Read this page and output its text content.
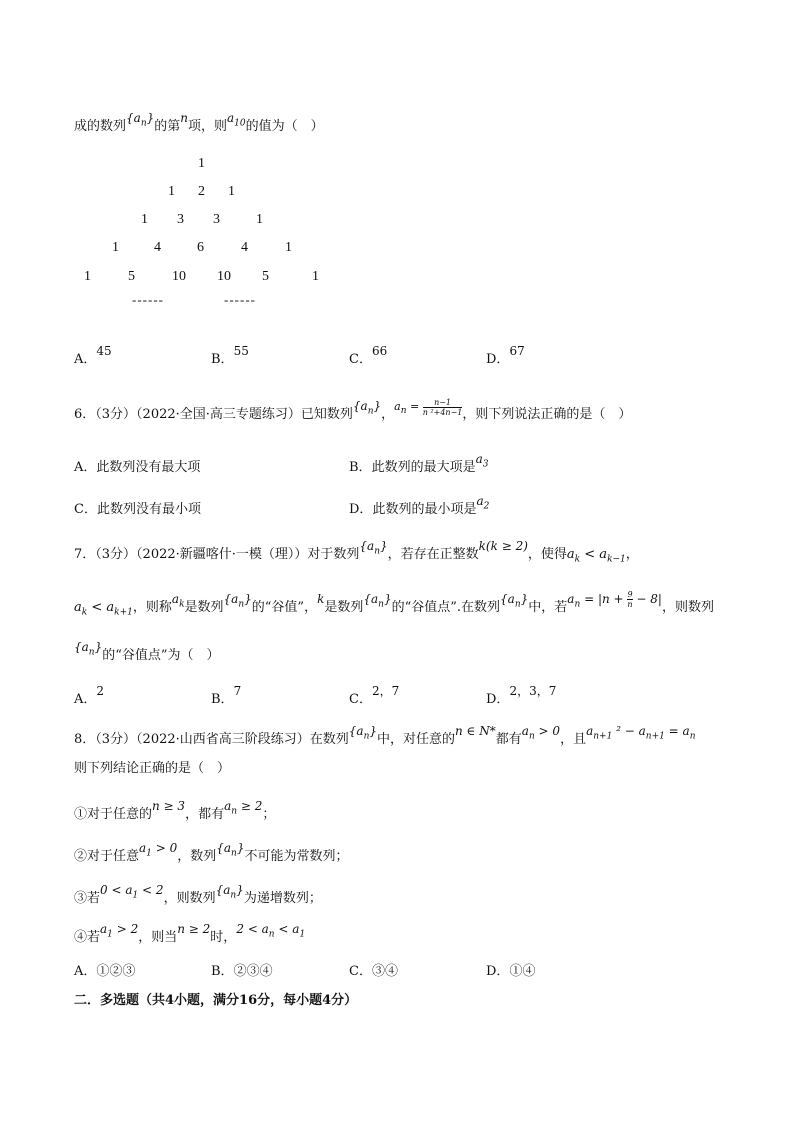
成的数列$\{a_n\}$的第n项，则$a_{10}$的值为（　）
1
1 2 1
1 3 3	1
1	4	6	4	1
1	5	10 10 5	1
------	------
A．45
B．55
C．66
D．67
6．（3分）（2022·全国·高三专题练习）已知数列$\{a_n\}$，$^{a_n = \frac{n-1}{\text{n ²+4n−1}}}$ ，则下列说法正确的是（　）
A．此数列没有最大项	B．此数列的最大项是$a_3$
C．此数列没有最小项	D．此数列的最小项是$a_2$
7．（3分）（2022·新疆喀什·一模（理））对于数列$\{a_n\}$，若存在正整数k(k ≥ 2)，使得$a_k < a_{k-1}$，
$a_k < a_{k+1}$，则称$a_k$是数列$\{a_n\}$的“谷值”，k是数列$\{a_n\}$的“谷值点”.在数列$\{a_n\}$中，若$a_n = |n + \frac{9}{n} - 8|$，则数列
$\{a_n\}$的“谷值点”为（　）
A．2
B．7
C．2，7
D．2，3，7
8．（3分）（2022·山西省高三阶段练习）在数列$\{a_n\}$中，对任意的n ∈ N*都有$a_n > 0$，且$a_{n+1}$ $^2 - a_{n+1} = a_n$
则下列结论正确的是（　）
①对于任意的n ≥ 3，都有$a_n \ge 2$；
②对于任意$a_1 > 0$，数列$\{a_n\}$不可能为常数列；
③若$0 < a_1 < 2$，则数列$\{a_n\}$为递增数列；
④若$a_1 > 2$，则当n ≥ 2时，$2 < a_n < a_1$
A．①②③	B．②③④	C．③④	D．①④
二．多选题（共4小题，满分16分，每小题4分）
